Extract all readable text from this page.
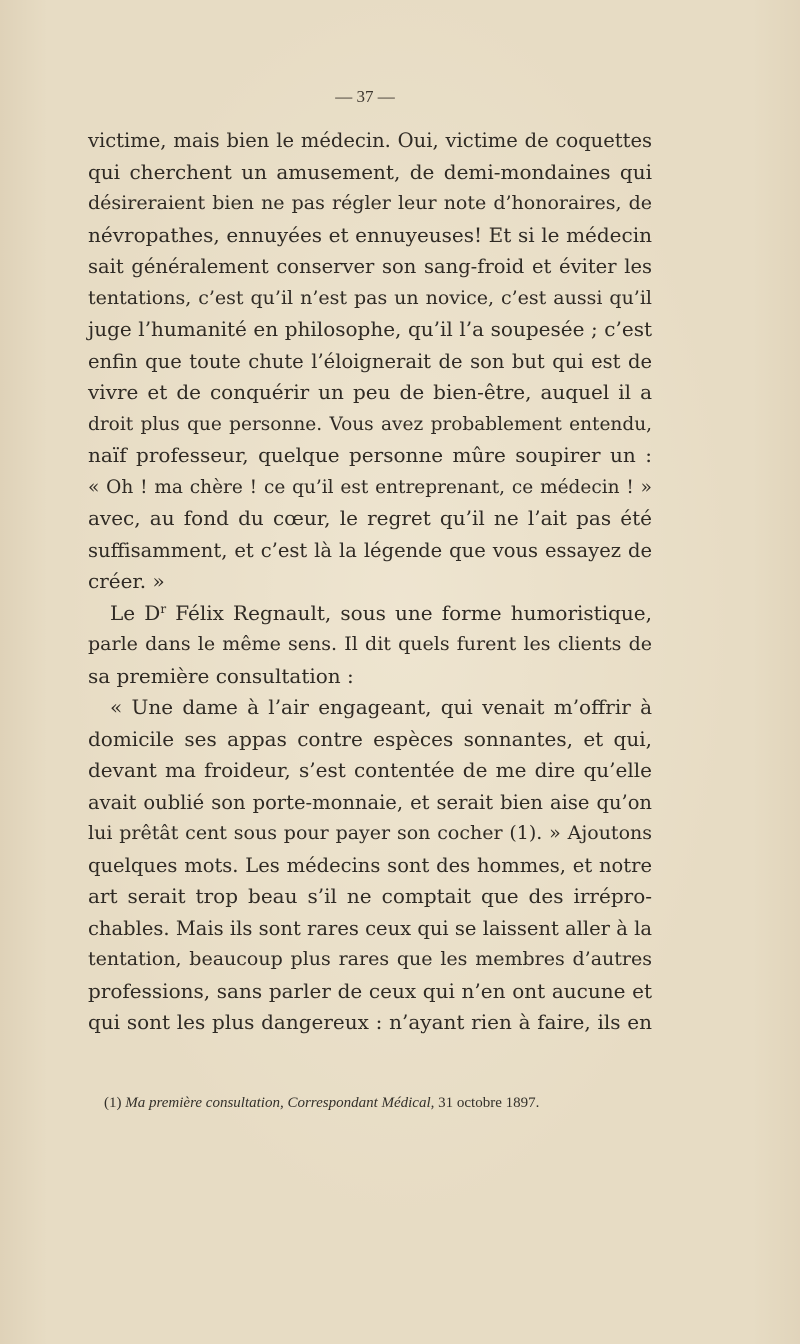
— 37 —
victime, mais bien le médecin. Oui, victime de coquettes
qui cherchent un amusement, de demi-mondaines qui
désireraient bien ne pas régler leur note d’honoraires, de
névropathes, ennuyées et ennuyeuses! Et si le médecin
sait généralement conserver son sang-froid et éviter les
tentations, c’est qu’il n’est pas un novice, c’est aussi qu’il
juge l’humanité en philosophe, qu’il l’a soupesée ; c’est
enfin que toute chute l’éloignerait de son but qui est de
vivre et de conquérir un peu de bien-être, auquel il a
droit plus que personne. Vous avez probablement entendu,
naïf professeur, quelque personne mûre soupirer un :
« Oh ! ma chère ! ce qu’il est entreprenant, ce médecin ! »
avec, au fond du cœur, le regret qu’il ne l’ait pas été
suffisamment, et c’est là la légende que vous essayez de
créer. »
Le $D^r$ Félix Regnault, sous une forme humoristique,
parle dans le même sens. Il dit quels furent les clients de
sa première consultation :
« Une dame à l’air engageant, qui venait m’offrir à
domicile ses appas contre espèces sonnantes, et qui,
devant ma froideur, s’est contentée de me dire qu’elle
avait oublié son porte-monnaie, et serait bien aise qu’on
lui prêtât cent sous pour payer son cocher (1). » Ajoutons
quelques mots. Les médecins sont des hommes, et notre
art serait trop beau s’il ne comptait que des irrépro-
chables. Mais ils sont rares ceux qui se laissent aller à la
tentation, beaucoup plus rares que les membres d’autres
professions, sans parler de ceux qui n’en ont aucune et
qui sont les plus dangereux : n’ayant rien à faire, ils en
(1) Ma première consultation, Correspondant Médical, 31 octobre 1897.
